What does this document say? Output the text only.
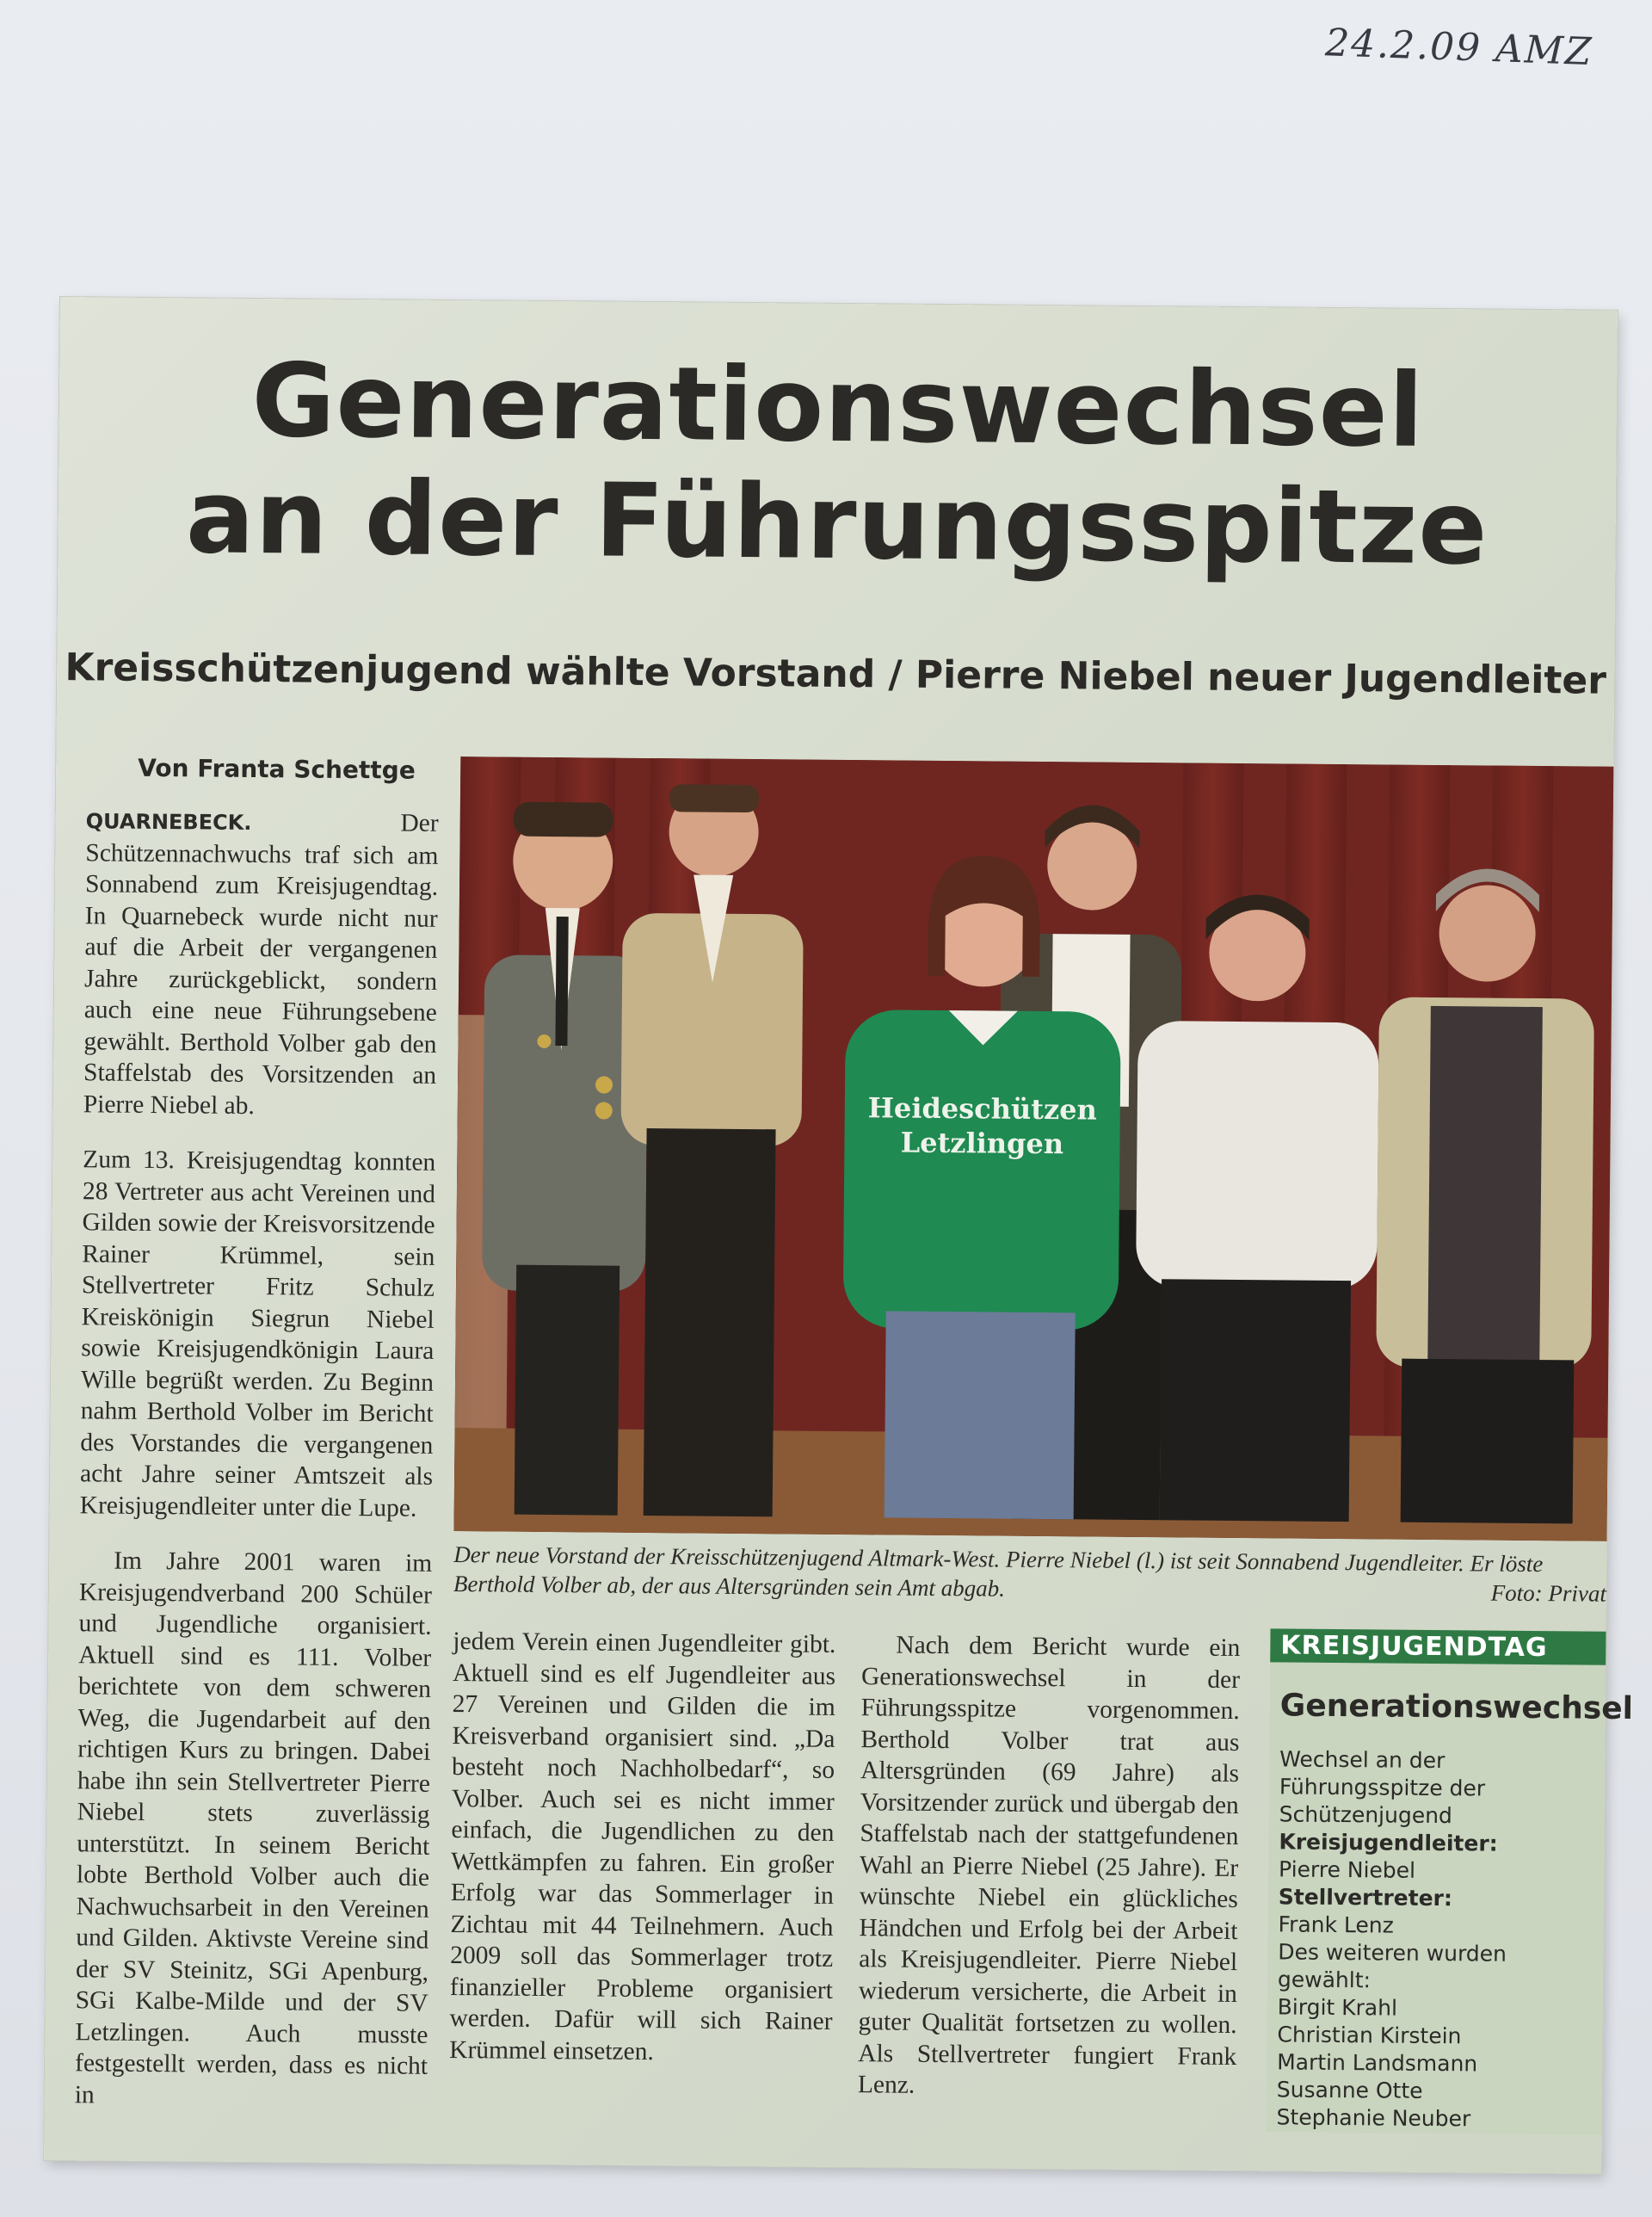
24.2.09 AMZ
Generationswechsel
an der Führungsspitze
Kreisschützenjugend wählte Vorstand / Pierre Niebel neuer Jugendleiter
Von Franta Schettge

QUARNEBECK.	Der Schützennachwuchs traf sich am Sonnabend zum Kreisjugendtag. In Quarnebeck wurde nicht nur auf die Arbeit der vergangenen Jahre zurückgeblickt, sondern auch eine neue Führungsebene gewählt. Berthold Volber gab den Staffelstab des Vorsitzenden an Pierre Niebel ab.

Zum 13. Kreisjugendtag konnten 28 Vertreter aus acht Vereinen und Gilden sowie der Kreisvorsitzende Rainer Krümmel, sein Stellvertreter Fritz Schulz Kreiskönigin Siegrun Niebel sowie Kreisjugendkönigin Laura Wille begrüßt werden. Zu Beginn nahm Berthold Volber im Bericht des Vorstandes die vergangenen acht Jahre seiner Amtszeit als Kreisjugendleiter unter die Lupe.

Im Jahre 2001 waren im Kreisjugendverband 200 Schüler und Jugendliche organisiert. Aktuell sind es 111. Volber berichtete von dem schweren Weg, die Jugendarbeit auf den richtigen Kurs zu bringen. Dabei habe ihn sein Stellvertreter Pierre Niebel stets zuverlässig unterstützt. In seinem Bericht lobte Berthold Volber auch die Nachwuchsarbeit in den Vereinen und Gilden. Aktivste Vereine sind der SV Steinitz, SGi Apenburg, SGi Kalbe-Milde und der SV Letzlingen. Auch musste festgestellt werden, dass es nicht in

jedem Verein einen Jugendleiter gibt. Aktuell sind es elf Jugendleiter aus 27 Vereinen und Gilden die im Kreisverband organisiert sind. „Da besteht noch Nachholbedarf“, so Volber. Auch sei es nicht immer einfach, die Jugendlichen zu den Wettkämpfen zu fahren. Ein großer Erfolg war das Sommerlager in Zichtau mit 44 Teilnehmern. Auch 2009 soll das Sommerlager trotz finanzieller Probleme organisiert werden. Dafür will sich Rainer Krümmel einsetzen.

Nach dem Bericht wurde ein Generationswechsel in der Führungsspitze vorgenommen. Berthold Volber trat aus Altersgründen (69 Jahre) als Vorsitzender zurück und übergab den Staffelstab nach der stattgefundenen Wahl an Pierre Niebel (25 Jahre). Er wünschte Niebel ein glückliches Händchen und Erfolg bei der Arbeit als Kreisjugendleiter. Pierre Niebel wiederum versicherte, die Arbeit in guter Qualität fortsetzen zu wollen. Als Stellvertreter fungiert Frank Lenz.

Heideschützen
Letzlingen
Der neue Vorstand der Kreisschützenjugend Altmark-West. Pierre Niebel (l.) ist seit Sonnabend Jugendleiter. Er löste Berthold Volber ab, der aus Altersgründen sein Amt abgab.	Foto: Privat
KREISJUGENDTAG
Generationswechsel
Wechsel an der Führungsspitze der Schützenjugend
Kreisjugendleiter:
Pierre Niebel
Stellvertreter:
Frank Lenz
Des weiteren wurden gewählt:
Birgit Krahl
Christian Kirstein
Martin Landsmann
Susanne Otte
Stephanie Neuber
